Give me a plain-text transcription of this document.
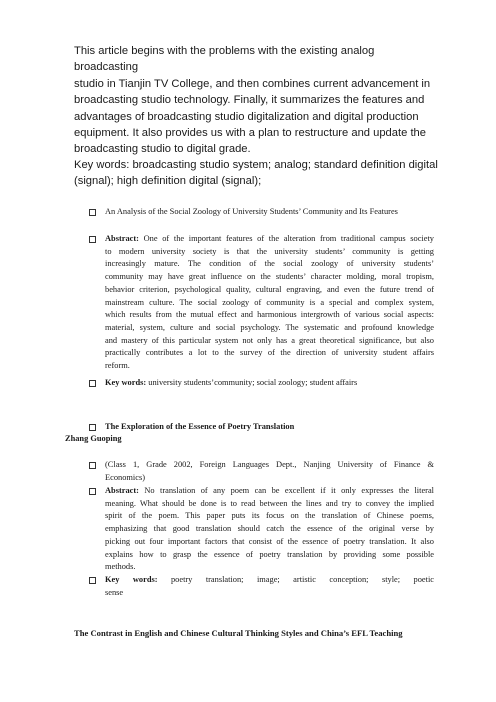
This article begins with the problems with the existing analog broadcasting
studio in Tianjin TV College, and then combines current advancement in
broadcasting studio technology. Finally, it summarizes the features and
advantages of broadcasting studio digitalization and digital production
equipment. It also provides us with a plan to restructure and update the
broadcasting studio to digital grade.
Key words: broadcasting studio system; analog; standard definition digital
(signal); high definition digital (signal);
An Analysis of the Social Zoology of University Students’ Community and Its Features
Abstract: One of the important features of the alteration from traditional campus society
to modern university society is that the university students’ community is getting
increasingly mature. The condition of the social zoology of university students’
community may have great influence on the students’ character molding, moral tropism,
behavior criterion, psychological quality, cultural engraving, and even the future trend of
mainstream culture. The social zoology of community is a special and complex system,
which results from the mutual effect and harmonious intergrowth of various social aspects:
material, system, culture and social psychology. The systematic and profound knowledge
and mastery of this particular system not only has a great theoretical significance, but also
practically contributes a lot to the survey of the direction of university student affairs
reform.
Key words: university students’community; social zoology; student affairs
The Exploration of the Essence of Poetry Translation
Zhang Guoping
(Class 1, Grade 2002, Foreign Languages Dept., Nanjing University of Finance &
Economics)
Abstract: No translation of any poem can be excellent if it only expresses the literal
meaning. What should be done is to read between the lines and try to convey the implied
spirit of the poem. This paper puts its focus on the translation of Chinese poems,
emphasizing that good translation should catch the essence of the original verse by
picking out four important factors that consist of the essence of poetry translation. It also
explains how to grasp the essence of poetry translation by providing some possible
methods.
Key words: poetry translation; image; artistic conception; style; poetic
sense
The Contrast in English and Chinese Cultural Thinking Styles and China’s EFL Teaching
